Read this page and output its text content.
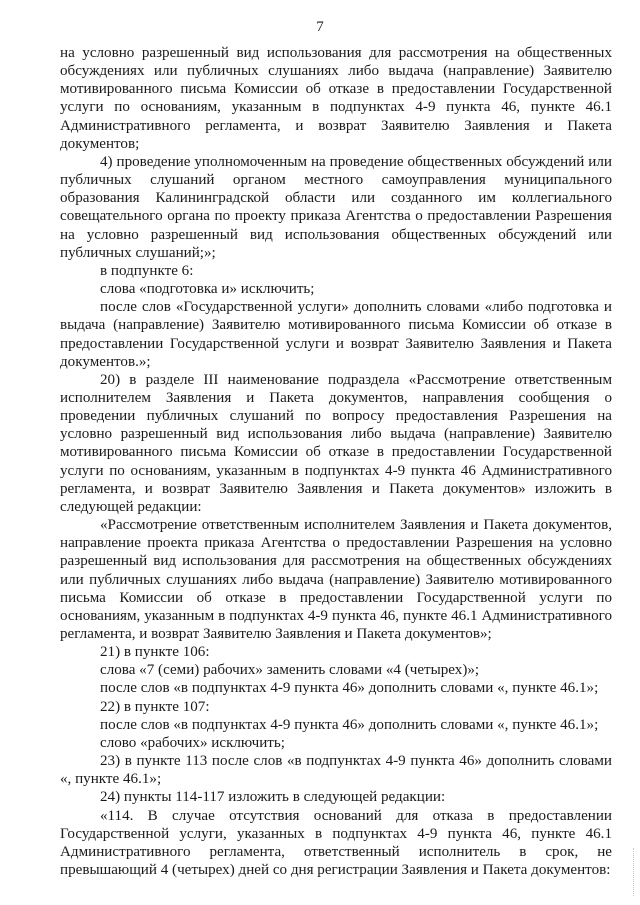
7

на условно разрешенный вид использования для рассмотрения на общественных обсуждениях или публичных слушаниях либо выдача (направление) Заявителю мотивированного письма Комиссии об отказе в предоставлении Государственной услуги по основаниям, указанным в подпунктах 4-9 пункта 46, пункте 46.1 Административного регламента, и возврат Заявителю Заявления и Пакета документов;

4) проведение уполномоченным на проведение общественных обсуждений или публичных слушаний органом местного самоуправления муниципального образования Калининградской области или созданного им коллегиального совещательного органа по проекту приказа Агентства о предоставлении Разрешения на условно разрешенный вид использования общественных обсуждений или публичных слушаний;»;

в подпункте 6:

слова «подготовка и» исключить;

после слов «Государственной услуги» дополнить словами «либо подготовка и выдача (направление) Заявителю мотивированного письма Комиссии об отказе в предоставлении Государственной услуги и возврат Заявителю Заявления и Пакета документов.»;

20) в разделе III наименование подраздела «Рассмотрение ответственным исполнителем Заявления и Пакета документов, направления сообщения о проведении публичных слушаний по вопросу предоставления Разрешения на условно разрешенный вид использования либо выдача (направление) Заявителю мотивированного письма Комиссии об отказе в предоставлении Государственной услуги по основаниям, указанным в подпунктах 4-9 пункта 46 Административного регламента, и возврат Заявителю Заявления и Пакета документов» изложить в следующей редакции:

«Рассмотрение ответственным исполнителем Заявления и Пакета документов, направление проекта приказа Агентства о предоставлении Разрешения на условно разрешенный вид использования для рассмотрения на общественных обсуждениях или публичных слушаниях либо выдача (направление) Заявителю мотивированного письма Комиссии об отказе в предоставлении Государственной услуги по основаниям, указанным в подпунктах 4-9 пункта 46, пункте 46.1 Административного регламента, и возврат Заявителю Заявления и Пакета документов»;

21) в пункте 106:

слова «7 (семи) рабочих» заменить словами «4 (четырех)»;

после слов «в подпунктах 4-9 пункта 46» дополнить словами «, пункте 46.1»;

22) в пункте 107:

после слов «в подпунктах 4-9 пункта 46» дополнить словами «, пункте 46.1»;

слово «рабочих» исключить;

23) в пункте 113 после слов «в подпунктах 4-9 пункта 46» дополнить словами «, пункте 46.1»;

24) пункты 114-117 изложить в следующей редакции:

«114. В случае отсутствия оснований для отказа в предоставлении Государственной услуги, указанных в подпунктах 4-9 пункта 46, пункте 46.1 Административного регламента, ответственный исполнитель в срок, не превышающий 4 (четырех) дней со дня регистрации Заявления и Пакета документов:
